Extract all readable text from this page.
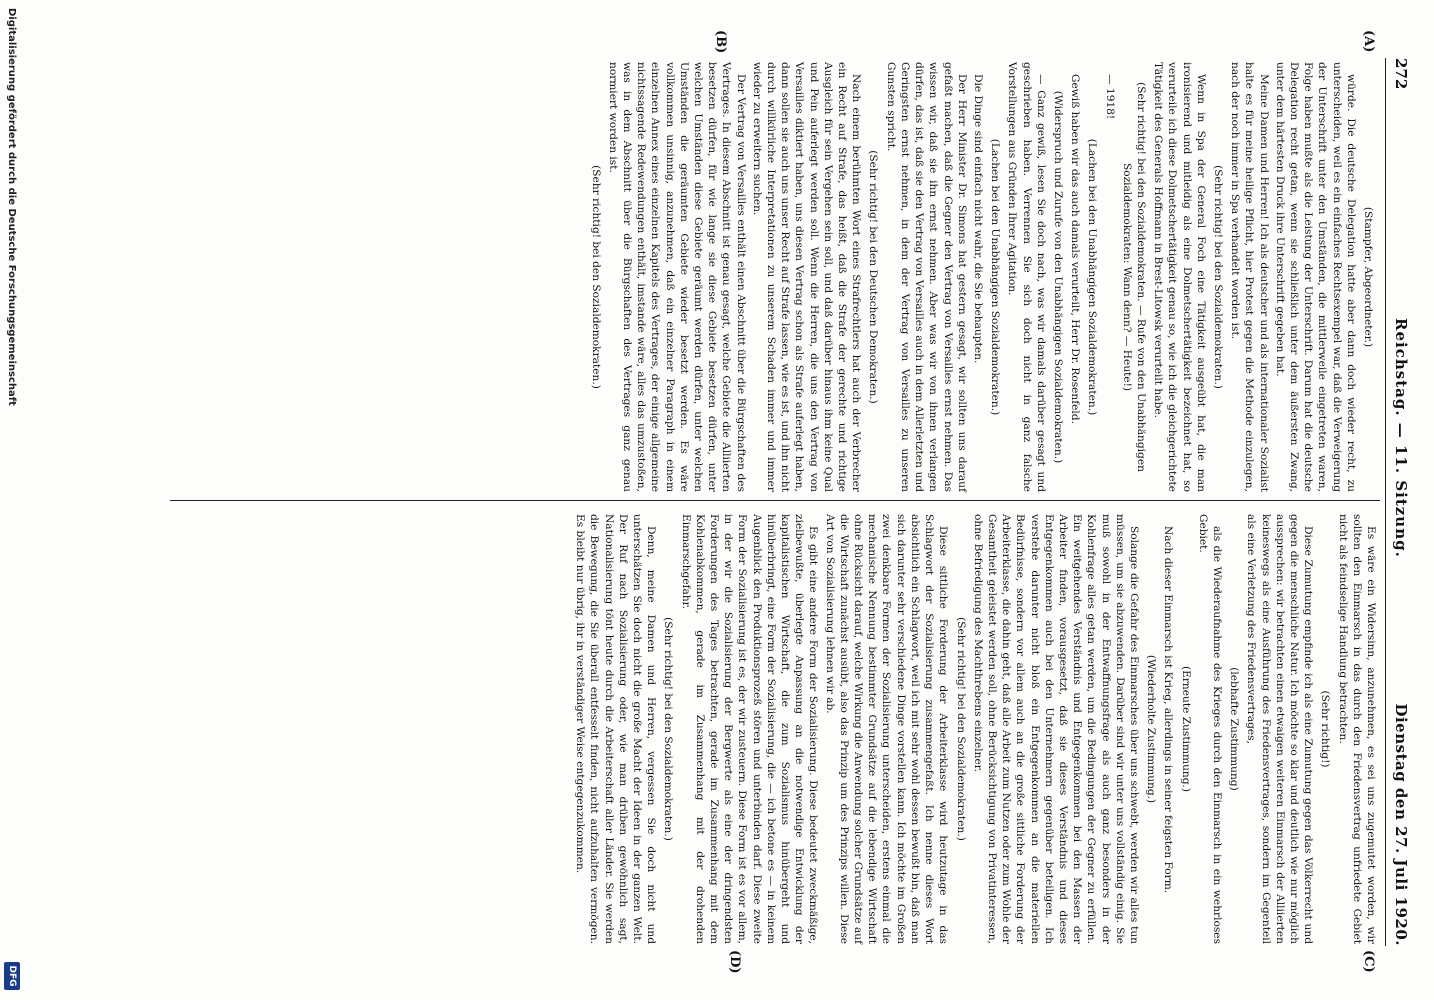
272
Reichstag. — 11. Sitzung.
Dienstag den 27. Juli 1920.
(A)
(B)
(C)
(D)

(Stampfer, Abgeordneter.)

würde. Die deutsche Delegation hatte aber dann doch wieder recht, zu unterscheiden, weil es ein einfaches Rechtsexempel war, daß die Verweigerung der Unterschrift unter den Umständen, die mittlerweile eingetreten waren, Folge haben mußte als die Leistung der Unterschrift. Darum hat die deutsche Delegation recht getan, wenn sie schließlich unter dem äußersten Zwang, unter dem härtesten Druck ihre Unterschrift gegeben hat.

Meine Damen und Herren! Ich als deutscher und als internationaler Sozialist halte es für meine heilige Pflicht, hier Protest gegen die Methode einzulegen, nach der noch immer in Spa verhandelt worden ist.

(Sehr richtig! bei den Sozialdemokraten.)

Wenn in Spa der General Foch eine Tätigkeit ausgeübt hat, die man ironisierend und mitleidig als eine Dolmetschertätigkeit bezeichnet hat, so verurteile ich diese Dolmetschertätigkeit genau so, wie ich die gleichgerichtete Tätigkeit des Generals Hoffmann in Brest-Litowsk verurteilt habe.

(Sehr richtig! bei den Sozialdemokraten. — Rufe von den Unabhängigen Sozialdemokraten: Wann denn? — Heute!)

— 1918!

(Lachen bei den Unabhängigen Sozialdemokraten.)

Gewiß haben wir das auch damals verurteilt, Herr Dr. Rosenfeld.

(Widerspruch und Zurufe von den Unabhängigen Sozialdemokraten.)

— Ganz gewiß, lesen Sie doch nach, was wir damals darüber gesagt und geschrieben haben. Verrennen Sie sich doch nicht in ganz falsche Vorstellungen aus Gründen Ihrer Agitation.

(Lachen bei den Unabhängigen Sozialdemokraten.)

Die Dinge sind einfach nicht wahr, die Sie behaupten.

Der Herr Minister Dr. Simons hat gestern gesagt, wir sollten uns darauf gefaßt machen, daß die Gegner den Vertrag von Versailles ernst nehmen. Das wissen wir, daß sie ihn ernst nehmen. Aber was wir von ihnen verlangen dürfen, das ist, daß sie den Vertrag von Versailles auch in dem Allerletzten und Geringsten ernst nehmen, in dem der Vertrag von Versailles zu unseren Gunsten spricht.

(Sehr richtig! bei den Deutschen Demokraten.)

Nach einem berühmten Wort eines Strafrechtlers hat auch der Verbrecher ein Recht auf Strafe, das heißt, daß die Strafe der gerechte und richtige Ausgleich für sein Vergehen sein soll, und daß darüber hinaus ihm keine Qual und Pein auferlegt werden soll. Wenn die Herren, die uns den Vertrag von Versailles diktiert haben, uns diesen Vertrag schon als Strafe auferlegt haben, dann sollen sie auch uns unser Recht auf Strafe lassen, wie es ist, und ihn nicht durch willkürliche Interpretationen zu unserem Schaden immer und immer wieder zu erweitern suchen.

Der Vertrag von Versailles enthält einen Abschnitt über die Bürgschaften des Vertrages. In diesem Abschnitt ist genau gesagt, welche Gebiete die Alliierten besetzen dürfen, für wie lange sie diese Gebiete besetzen dürfen, unter welchen Umständen diese Gebiete geräumt werden dürfen, unter welchen Umständen die geräumten Gebiete wieder besetzt werden. Es wäre vollkommen unsinnig, anzunehmen, daß ein einzelner Paragraph in einem einzelnen Annex eines einzelnen Kapitels des Vertrages, der einige allgemeine nichtssagende Redewendungen enthält, imstande wäre, alles das umzustoßen, was in dem Abschnitt über die Bürgschaften des Vertrages ganz genau normiert worden ist.

(Sehr richtig! bei den Sozialdemokraten.)

Es wäre ein Widersinn, anzunehmen, es sei uns zugemutet worden, wir sollten den Einmarsch in das durch den Friedensvertrag unfriedete Gebiet nicht als feindselige Handlung betrachten.

(Sehr richtig!)

Diese Zumutung empfinde ich als eine Zumutung gegen das Völkerrecht und gegen die menschliche Natur. Ich möchte so klar und deutlich wie nur möglich aussprechen: wir betrachten einen etwaigen weiteren Einmarsch der Alliierten keineswegs als eine Ausführung des Friedensvertrages, sondern im Gegenteil als eine Verletzung des Friedensvertrages,

(lebhafte Zustimmung)

als die Wiederaufnahme des Krieges durch den Einmarsch in ein wehrloses Gebiet.

(Erneute Zustimmung.)

Nach dieser Einmarsch ist Krieg, allerdings in seiner feigsten Form.

(Wiederholte Zustimmung.)

Solange die Gefahr des Einmarsches über uns schwebt, werden wir alles tun müssen, um sie abzuwenden. Darüber sind wir unter uns vollständig einig. Sie muß sowohl in der Entwaffnungsfrage als auch ganz besonders in der Kohlenfrage alles getan werden, um die Bedingungen der Gegner zu erfüllen. Ein weitgehendes Verständnis und Entgegenkommen bei den Massen der Arbeiter finden, vorausgesetzt, daß sie dieses Verständnis und dieses Entgegenkommen auch bei den Unternehmern gegenüber beteiligen. Ich verstehe darunter nicht bloß ein Entgegenkommen an die materiellen Bedürfnisse, sondern vor allem auch an die große sittliche Forderung der Arbeiterklasse, die dahin geht, daß alle Arbeit zum Nutzen oder zum Wohle der Gesamtheit geleistet werden soll, ohne Berücksichtigung von Privatinteressen, ohne Befriedigung des Machthrebens einzelner.

(Sehr richtig! bei den Sozialdemokraten.)

Diese sittliche Forderung der Arbeiterklasse wird heutzutage in das Schlagwort der Sozialisierung zusammengefaßt. Ich nenne dieses Wort absichtlich ein Schlagwort, weil ich mit sehr wohl dessen bewußt bin, daß man sich darunter sehr verschiedene Dinge vorstellen kann. Ich möchte im Großen zwei denkbare Formen der Sozialisierung unterscheiden, erstens einmal die mechanische Nennung bestimmter Grundsätze auf die lebendige Wirtschaft ohne Rücksicht darauf, welche Wirkung die Anwendung solcher Grundsätze auf die Wirtschaft zunächst ausübt, also das Prinzip um des Prinzips willen. Diese Art von Sozialisierung lehnen wir ab.

Es gibt eine andere Form der Sozialisierung. Diese bedeutet zweckmäßige, zielbewußte, überlegte Anpassung an die notwendige Entwicklung der kapitalistischen Wirtschaft, die zum Sozialismus hinübergeht und hinüberbringt, eine Form der Sozialisierung, die — ich betone es — in keinem Augenblick den Produktionsprozeß stören und unterbinden darf. Diese zweite Form der Sozialisierung ist es, der wir zusteuern. Diese Form ist es vor allem, in der wir die Sozialisierung der Bergwerte als eine der dringendsten Forderungen des Tages betrachten, gerade im Zusammenhang mit dem Kohlenabkommen, gerade im Zusammenhang mit der drohenden Einmarschgefahr.

(Sehr richtig! bei den Sozialdemokraten.)

Denn, meine Damen und Herren, vergessen Sie doch nicht und unterschätzen Sie doch nicht die große Macht der Ideen in der ganzen Welt. Der Ruf nach Sozialisierung oder, wie man drüben gewöhnlich sagt, Nationalisierung tönt heute durch die Arbeiterschaft aller Länder. Sie werden die Bewegung, die Sie überall entfesselt finden, nicht aufzuhalten vermögen. Es bleibt nur übrig, ihr in verständiger Weise entgegenzukommen.

Digitalisierung gefördert durch die Deutsche Forschungsgemeinschaft
DFG
